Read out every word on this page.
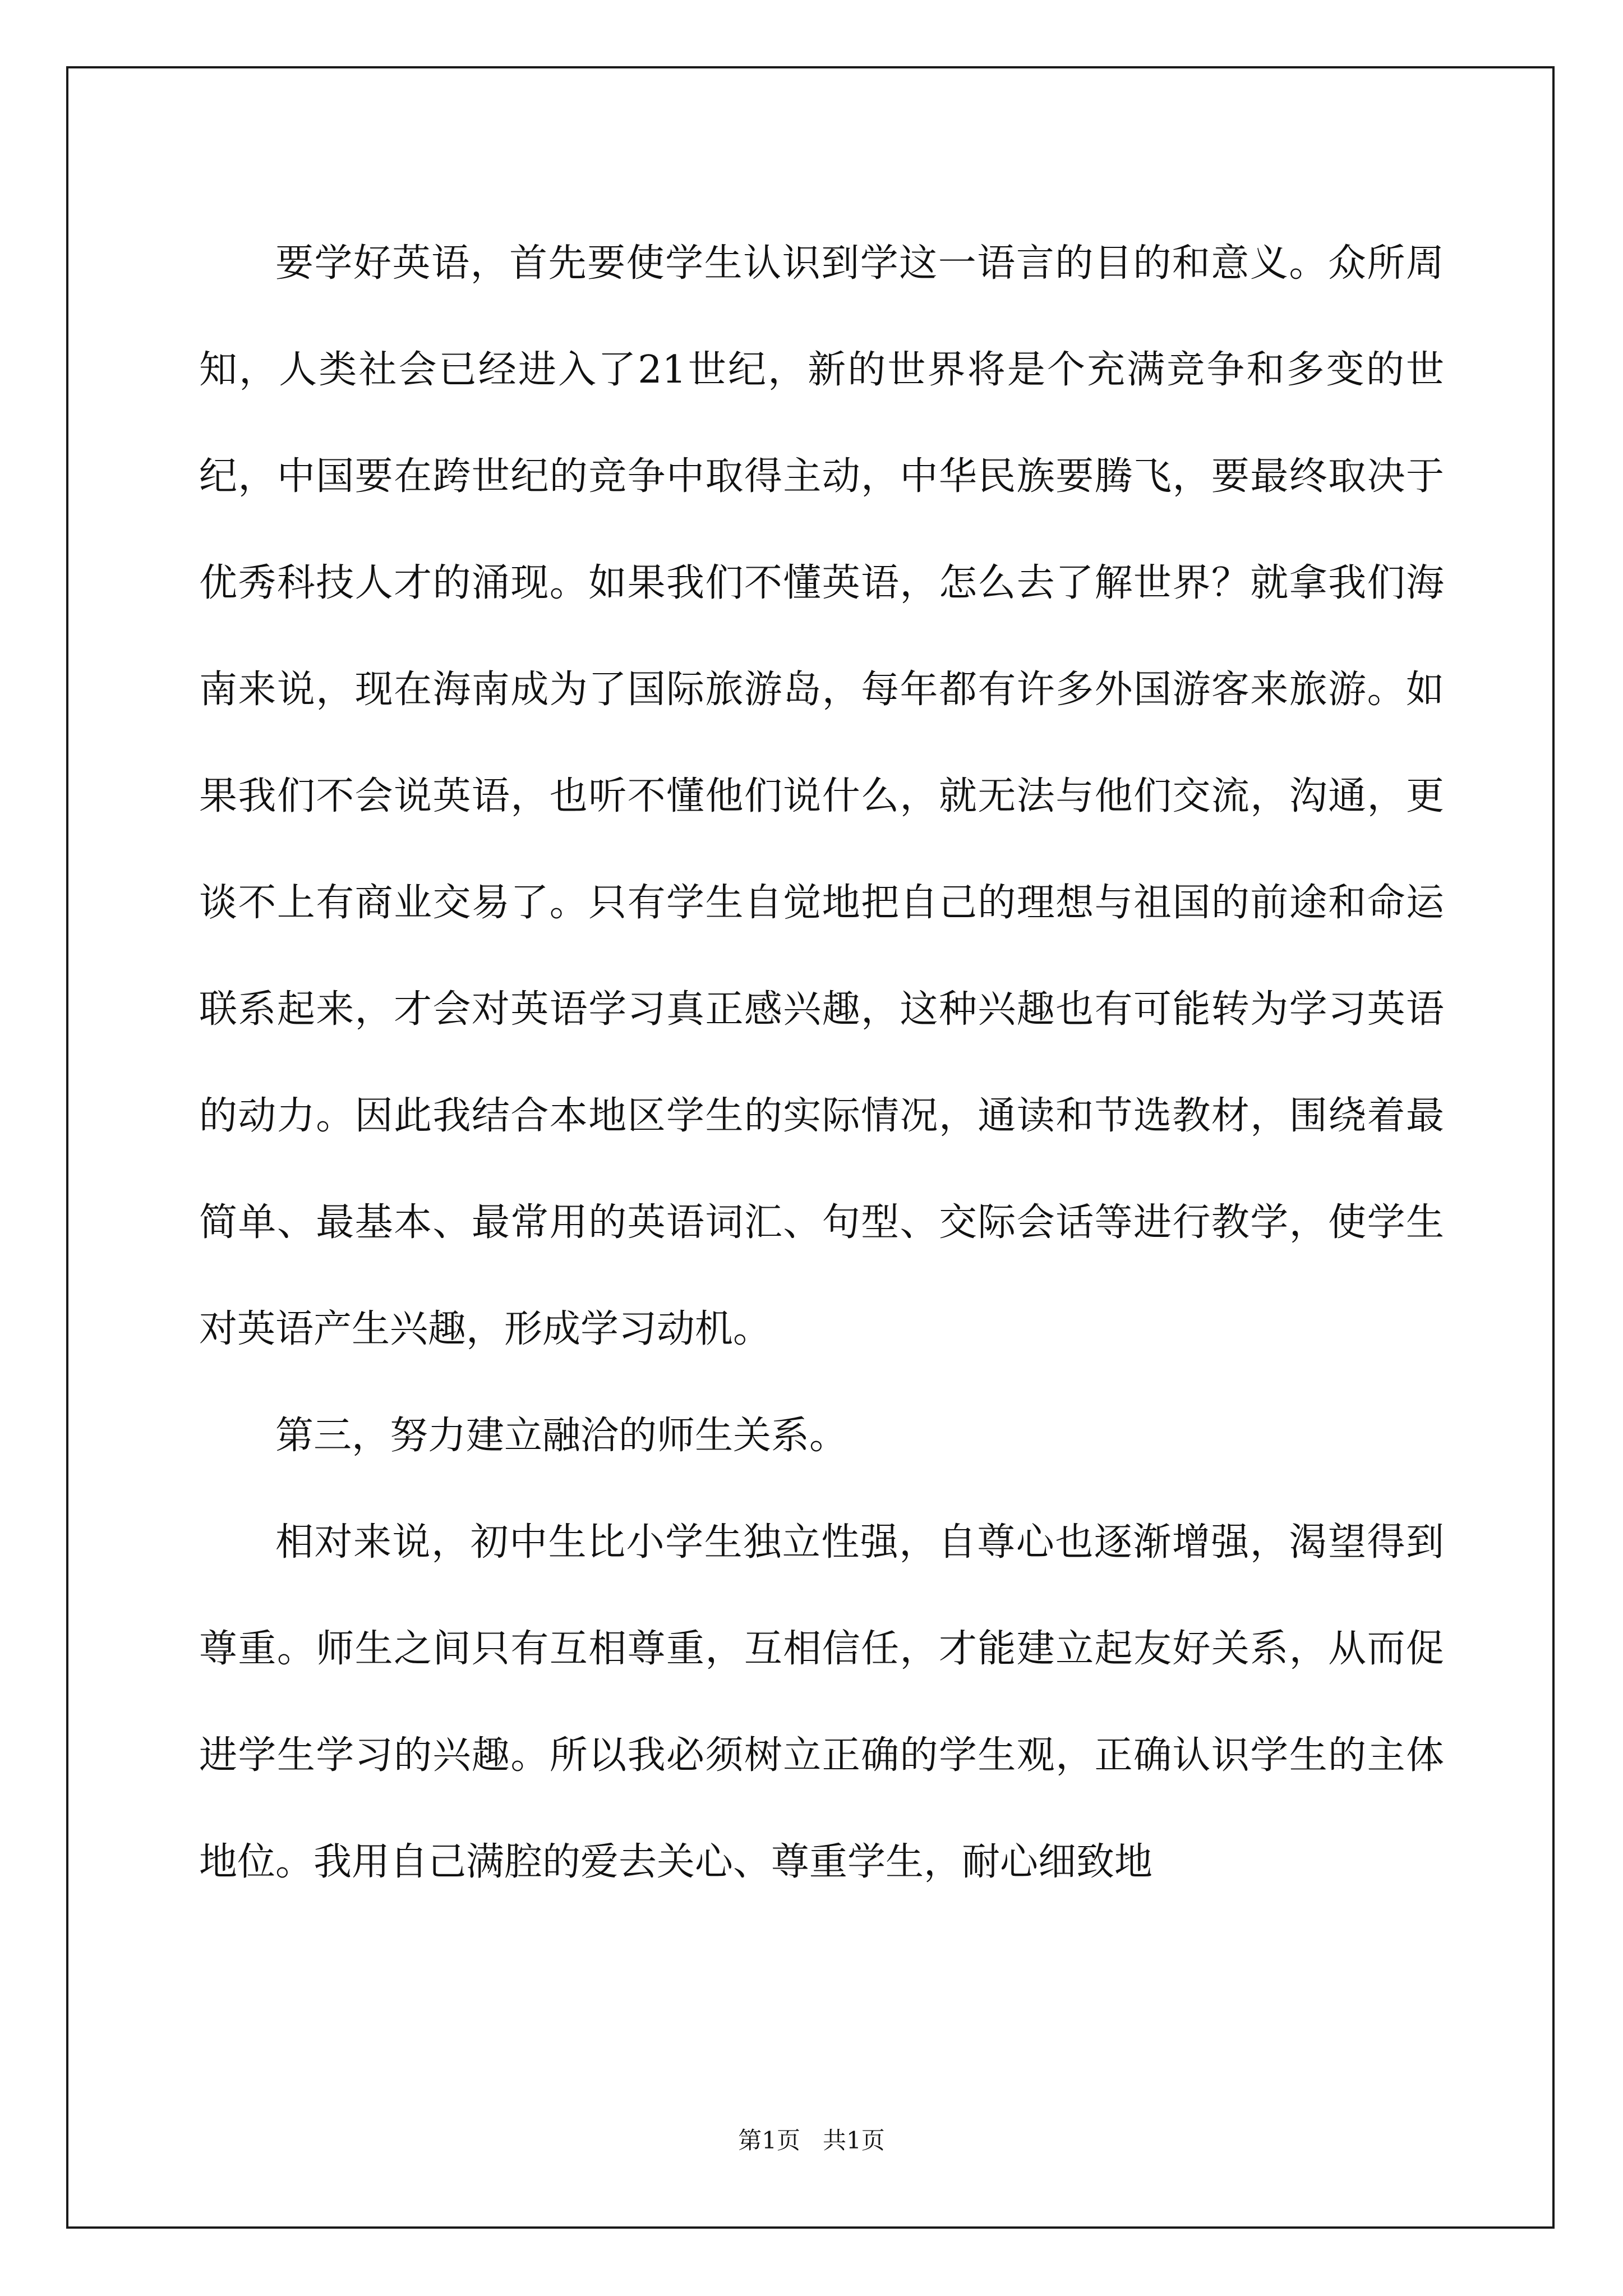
要学好英语，首先要使学生认识到学这一语言的目的和意义。众所周知，人类社会已经进入了21世纪，新的世界将是个充满竞争和多变的世纪，中国要在跨世纪的竞争中取得主动，中华民族要腾飞，要最终取决于优秀科技人才的涌现。如果我们不懂英语，怎么去了解世界？就拿我们海南来说，现在海南成为了国际旅游岛，每年都有许多外国游客来旅游。如果我们不会说英语，也听不懂他们说什么，就无法与他们交流，沟通，更谈不上有商业交易了。只有学生自觉地把自己的理想与祖国的前途和命运联系起来，才会对英语学习真正感兴趣，这种兴趣也有可能转为学习英语的动力。因此我结合本地区学生的实际情况，通读和节选教材，围绕着最简单、最基本、最常用的英语词汇、句型、交际会话等进行教学，使学生对英语产生兴趣，形成学习动机。

第三，努力建立融洽的师生关系。

相对来说，初中生比小学生独立性强，自尊心也逐渐增强，渴望得到尊重。师生之间只有互相尊重，互相信任，才能建立起友好关系，从而促进学生学习的兴趣。所以我必须树立正确的学生观，正确认识学生的主体地位。我用自己满腔的爱去关心、尊重学生，耐心细致地

第1页   共1页
